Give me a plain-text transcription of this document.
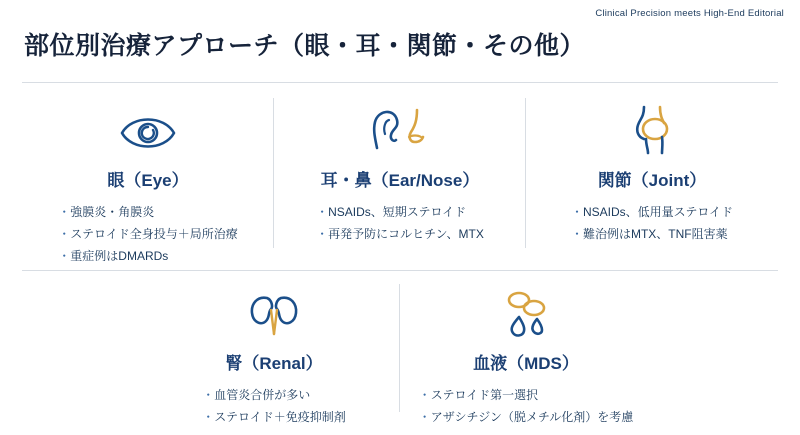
Clinical Precision meets High-End Editorial
部位別治療アプローチ（眼・耳・関節・その他）
眼（Eye）
・ 強膜炎・角膜炎
・ ステロイド全身投与＋局所治療
・ 重症例はDMARDs
耳・鼻（Ear/Nose）
・ NSAIDs、短期ステロイド
・ 再発予防にコルヒチン、MTX
関節（Joint）
・ NSAIDs、低用量ステロイド
・ 難治例はMTX、TNF阻害薬
腎（Renal）
・ 血管炎合併が多い
・ ステロイド＋免疫抑制剤
血液（MDS）
・ ステロイド第一選択
・ アザシチジン（脱メチル化剤）を考慮
